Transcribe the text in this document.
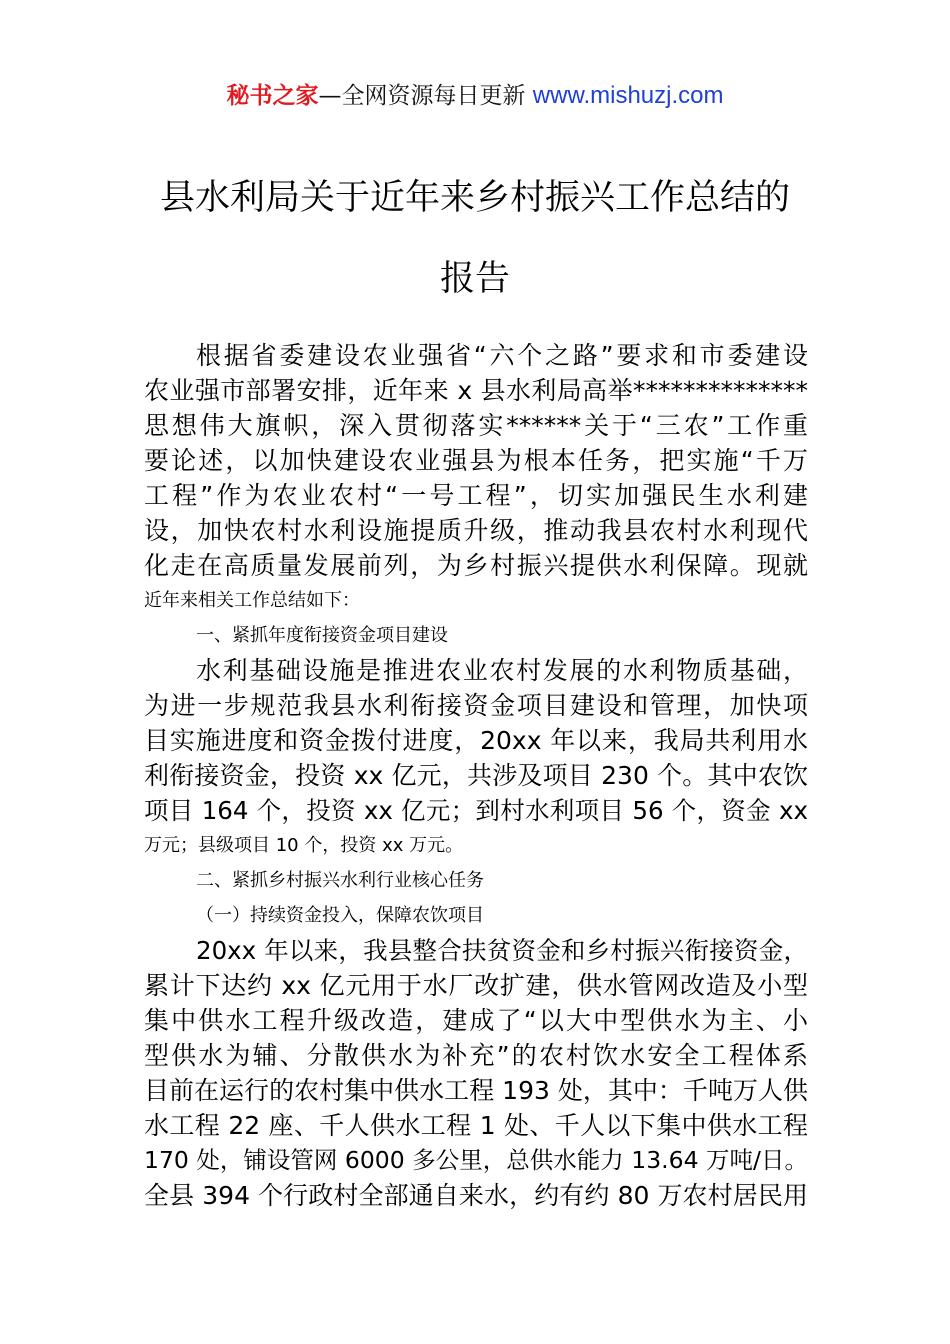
秘书之家—全网资源每日更新 www.mishuzj.com
县水利局关于近年来乡村振兴工作总结的
报告
根据省委建设农业强省“六个之路”要求和市委建设
农业强市部署安排，近年来 x 县水利局高举**************
思想伟大旗帜，深入贯彻落实******关于“三农”工作重
要论述，以加快建设农业强县为根本任务，把实施“千万
工程”作为农业农村“一号工程”，切实加强民生水利建
设，加快农村水利设施提质升级，推动我县农村水利现代
化走在高质量发展前列，为乡村振兴提供水利保障。现就
近年来相关工作总结如下：
一、紧抓年度衔接资金项目建设
水利基础设施是推进农业农村发展的水利物质基础，
为进一步规范我县水利衔接资金项目建设和管理，加快项
目实施进度和资金拨付进度，20xx 年以来，我局共利用水
利衔接资金，投资 xx 亿元，共涉及项目 230 个。其中农饮
项目 164 个，投资 xx 亿元；到村水利项目 56 个，资金 xx
万元；县级项目 10 个，投资 xx 万元。
二、紧抓乡村振兴水利行业核心任务
（一）持续资金投入，保障农饮项目
20xx 年以来，我县整合扶贫资金和乡村振兴衔接资金，
累计下达约 xx 亿元用于水厂改扩建，供水管网改造及小型
集中供水工程升级改造，建成了“以大中型供水为主、小
型供水为辅、分散供水为补充”的农村饮水安全工程体系
目前在运行的农村集中供水工程 193 处，其中：千吨万人供
水工程 22 座、千人供水工程 1 处、千人以下集中供水工程
170 处，铺设管网 6000 多公里，总供水能力 13.64 万吨/日。
全县 394 个行政村全部通自来水，约有约 80 万农村居民用
